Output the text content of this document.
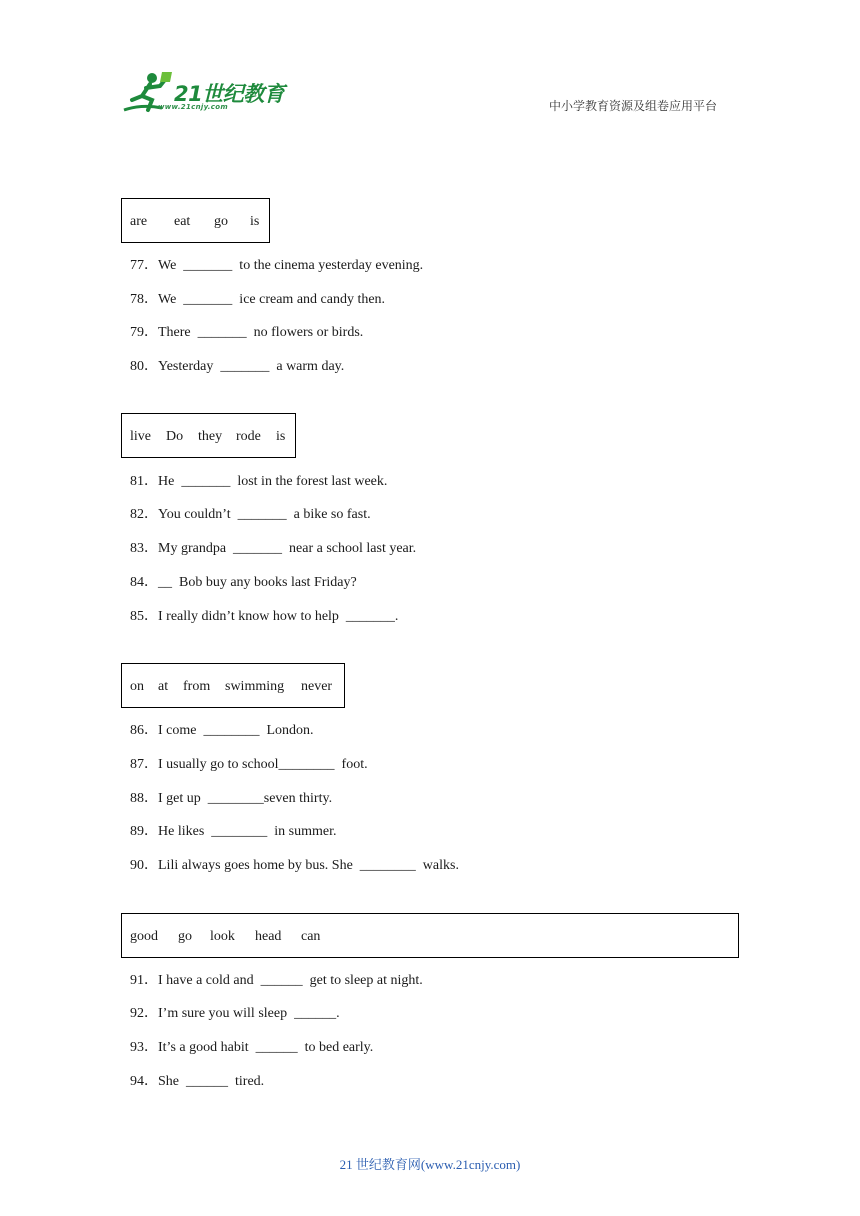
21世纪教育
www.21cnjy.com	中小学教育资源及组卷应用平台
are eat go is
77．We  _______  to the cinema yesterday evening.
78．We  _______  ice cream and candy then.
79．There  _______  no flowers or birds.
80．Yesterday  _______  a warm day.
live Do they rode is
81．He  _______  lost in the forest last week.
82．You couldn’t  _______  a bike so fast.
83．My grandpa  _______  near a school last year.
84．__  Bob buy any books last Friday?
85．I really didn’t know how to help  _______.
on at from swimming never
86．I come  ________  London.
87．I usually go to school________  foot.
88．I get up  ________seven thirty.
89．He likes  ________  in summer.
90．Lili always goes home by bus. She  ________  walks.
good go look head can
91．I have a cold and  ______  get to sleep at night.
92．I’m sure you will sleep  ______.
93．It’s a good habit  ______  to bed early.
94．She  ______  tired.
21 世纪教育网(www.21cnjy.com)
